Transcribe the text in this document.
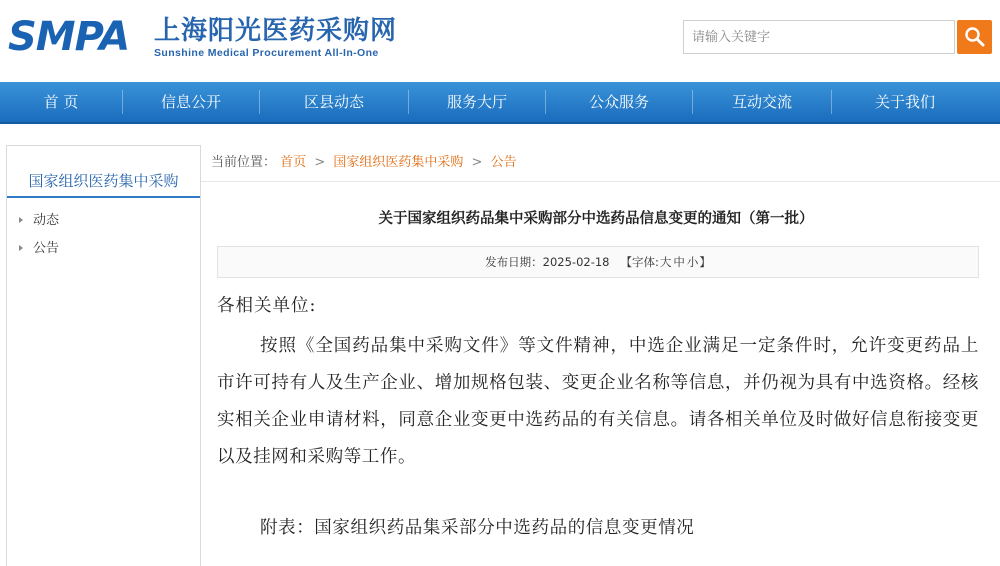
SMPA 上海阳光医药采购网
Sunshine Medical Procurement All-In-One
请输入关键字
首 页	信息公开	区县动态	服务大厅	公众服务	互动交流	关于我们
国家组织医药集中采购
动态
公告
当前位置： 首页 > 国家组织医药集中采购 > 公告
关于国家组织药品集中采购部分中选药品信息变更的通知（第一批）
发布日期：2025-02-18 【字体:大 中 小】
各相关单位:
按照《全国药品集中采购文件》等文件精神，中选企业满足一定条件时，允许变更药品上市许可持有人及生产企业、增加规格包装、变更企业名称等信息，并仍视为具有中选资格。经核实相关企业申请材料，同意企业变更中选药品的有关信息。请各相关单位及时做好信息衔接变更以及挂网和采购等工作。
附表：国家组织药品集采部分中选药品的信息变更情况
